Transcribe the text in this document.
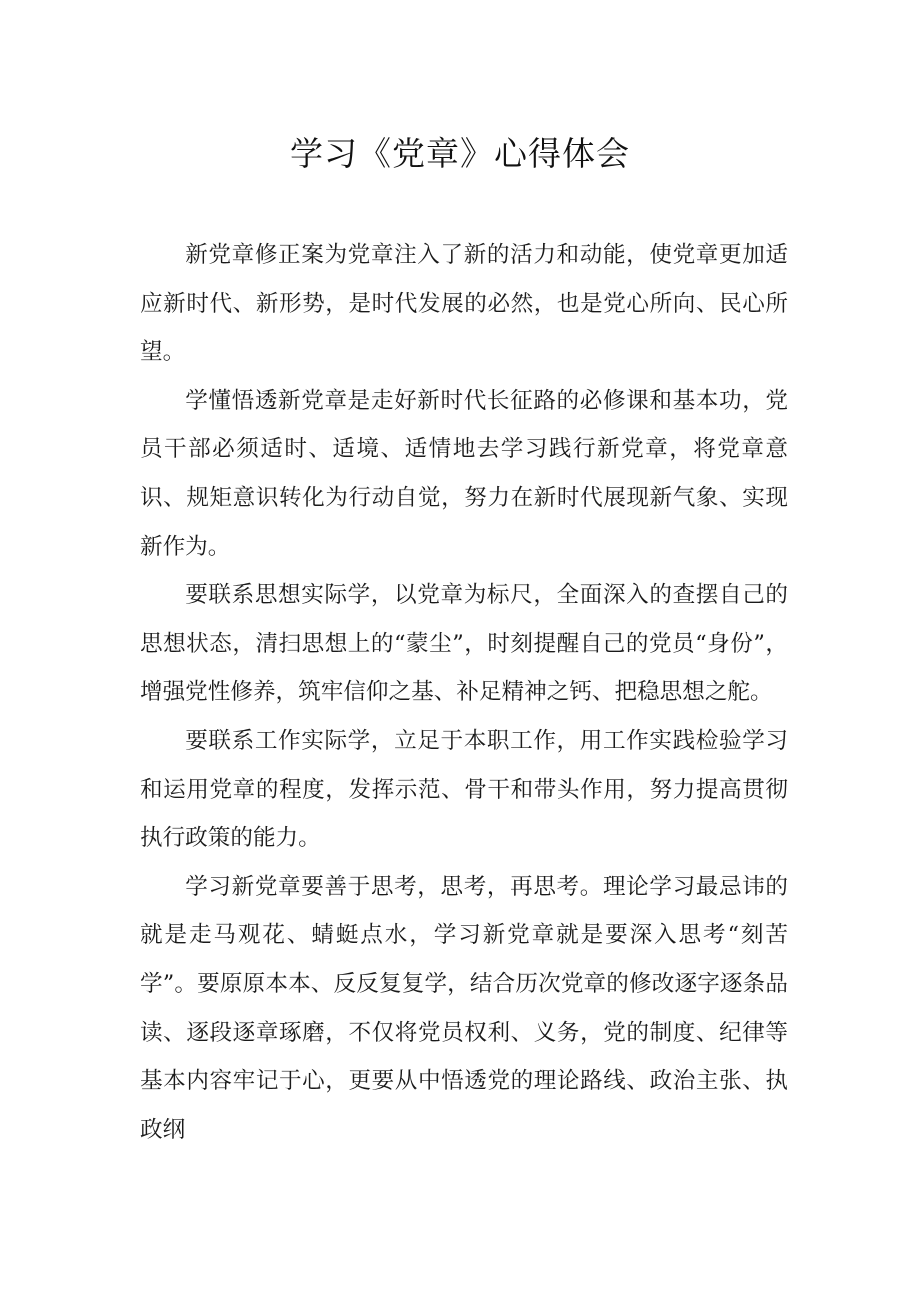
学习《党章》心得体会

新党章修正案为党章注入了新的活力和动能，使党章更加适应新时代、新形势，是时代发展的必然，也是党心所向、民心所望。

学懂悟透新党章是走好新时代长征路的必修课和基本功，党员干部必须适时、适境、适情地去学习践行新党章，将党章意识、规矩意识转化为行动自觉，努力在新时代展现新气象、实现新作为。

要联系思想实际学，以党章为标尺，全面深入的查摆自己的思想状态，清扫思想上的“蒙尘”，时刻提醒自己的党员“身份”，增强党性修养，筑牢信仰之基、补足精神之钙、把稳思想之舵。

要联系工作实际学，立足于本职工作，用工作实践检验学习和运用党章的程度，发挥示范、骨干和带头作用，努力提高贯彻执行政策的能力。

学习新党章要善于思考，思考，再思考。理论学习最忌讳的就是走马观花、蜻蜓点水，学习新党章就是要深入思考“刻苦学”。要原原本本、反反复复学，结合历次党章的修改逐字逐条品读、逐段逐章琢磨，不仅将党员权利、义务，党的制度、纪律等基本内容牢记于心，更要从中悟透党的理论路线、政治主张、执政纲
